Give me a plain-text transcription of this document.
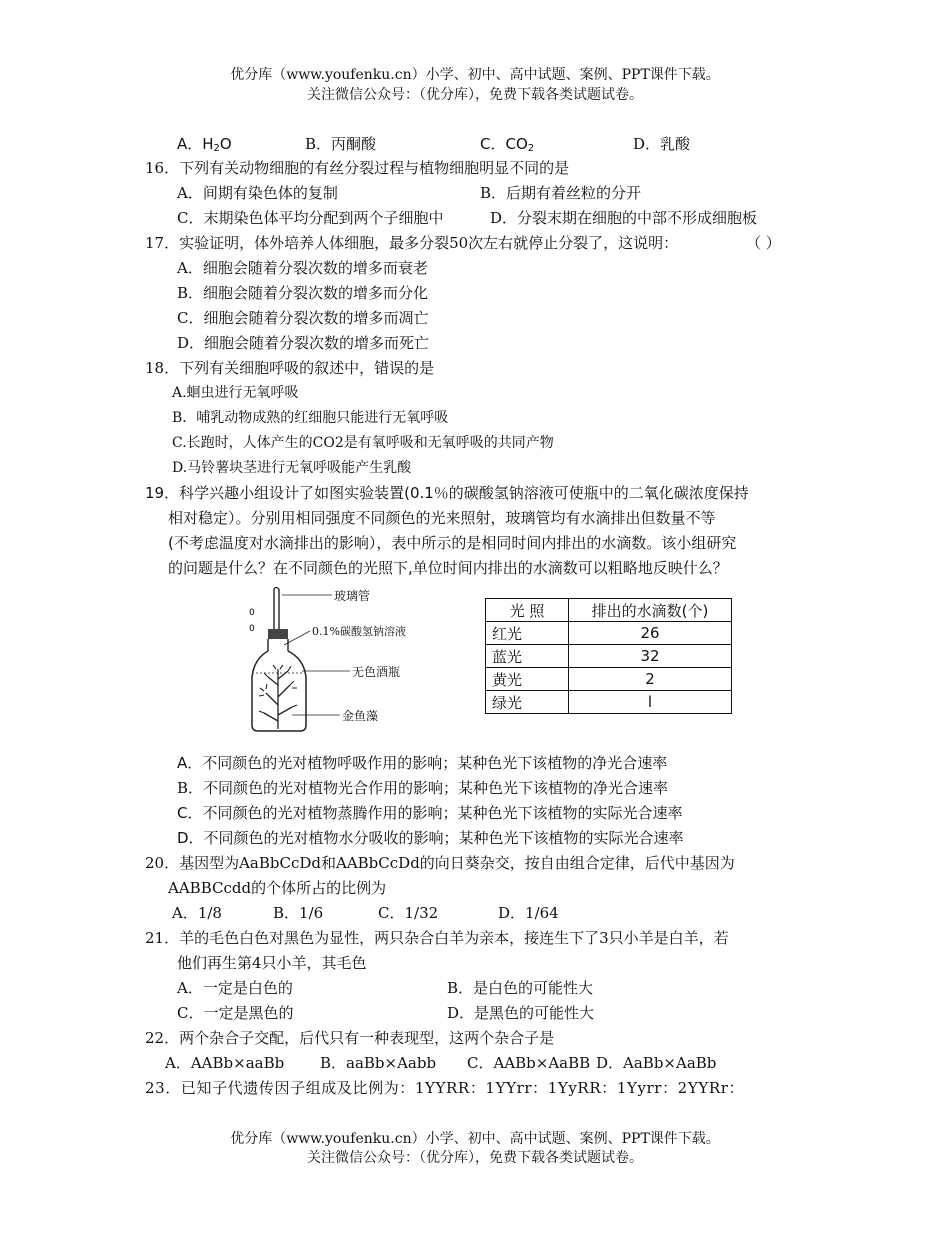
优分库（www.youfenku.cn）小学、初中、高中试题、案例、PPT课件下载。
关注微信公众号：（优分库），免费下载各类试题试卷。
A．$H_2O$	B．丙酮酸	C．$CO_2$	D．乳酸
16．下列有关动物细胞的有丝分裂过程与植物细胞明显不同的是
A．间期有染色体的复制	B．后期有着丝粒的分开
C．末期染色体平均分配到两个子细胞中	D．分裂末期在细胞的中部不形成细胞板
17．实验证明，体外培养人体细胞，最多分裂50次左右就停止分裂了，这说明：	（ ）
A．细胞会随着分裂次数的增多而衰老
B．细胞会随着分裂次数的增多而分化
C．细胞会随着分裂次数的增多而凋亡
D．细胞会随着分裂次数的增多而死亡
18．下列有关细胞呼吸的叙述中，错误的是
A.蛔虫进行无氧呼吸
B．哺乳动物成熟的红细胞只能进行无氧呼吸
C.长跑时，人体产生的CO2是有氧呼吸和无氧呼吸的共同产物
D.马铃薯块茎进行无氧呼吸能产生乳酸
19．科学兴趣小组设计了如图实验装置(0.1％的碳酸氢钠溶液可使瓶中的二氧化碳浓度保持
相对稳定）。分别用相同强度不同颜色的光来照射，玻璃管均有水滴排出但数量不等
(不考虑温度对水滴排出的影响），表中所示的是相同时间内排出的水滴数。该小组研究
的问题是什么？在不同颜色的光照下,单位时间内排出的水滴数可以粗略地反映什么？
0
0
玻璃管
0.1%碳酸氢钠溶液
无色酒瓶
金鱼藻
光 照	排出的水滴数(个)
红光	26
蓝光	32
黄光	2
绿光	l
A．不同颜色的光对植物呼吸作用的影响；某种色光下该植物的净光合速率
B．不同颜色的光对植物光合作用的影响；某种色光下该植物的净光合速率
C．不同颜色的光对植物蒸腾作用的影响；某种色光下该植物的实际光合速率
D．不同颜色的光对植物水分吸收的影响；某种色光下该植物的实际光合速率
20．基因型为AaBbCcDd和AABbCcDd的向日葵杂交，按自由组合定律，后代中基因为
AABBCcdd的个体所占的比例为
A．1/8	B．1/6	C．1/32	D．1/64
21．羊的毛色白色对黑色为显性，两只杂合白羊为亲本，接连生下了3只小羊是白羊，若
他们再生第4只小羊，其毛色
A．一定是白色的	B．是白色的可能性大
C．一定是黑色的	D．是黑色的可能性大
22．两个杂合子交配，后代只有一种表现型，这两个杂合子是
A．AABb×aaBb B．aaBb×Aabb C．AABb×AaBB D．AaBb×AaBb
23．已知子代遗传因子组成及比例为：1YYRR：1YYrr：1YyRR：1Yyrr：2YYRr：
优分库（www.youfenku.cn）小学、初中、高中试题、案例、PPT课件下载。
关注微信公众号：（优分库），免费下载各类试题试卷。
